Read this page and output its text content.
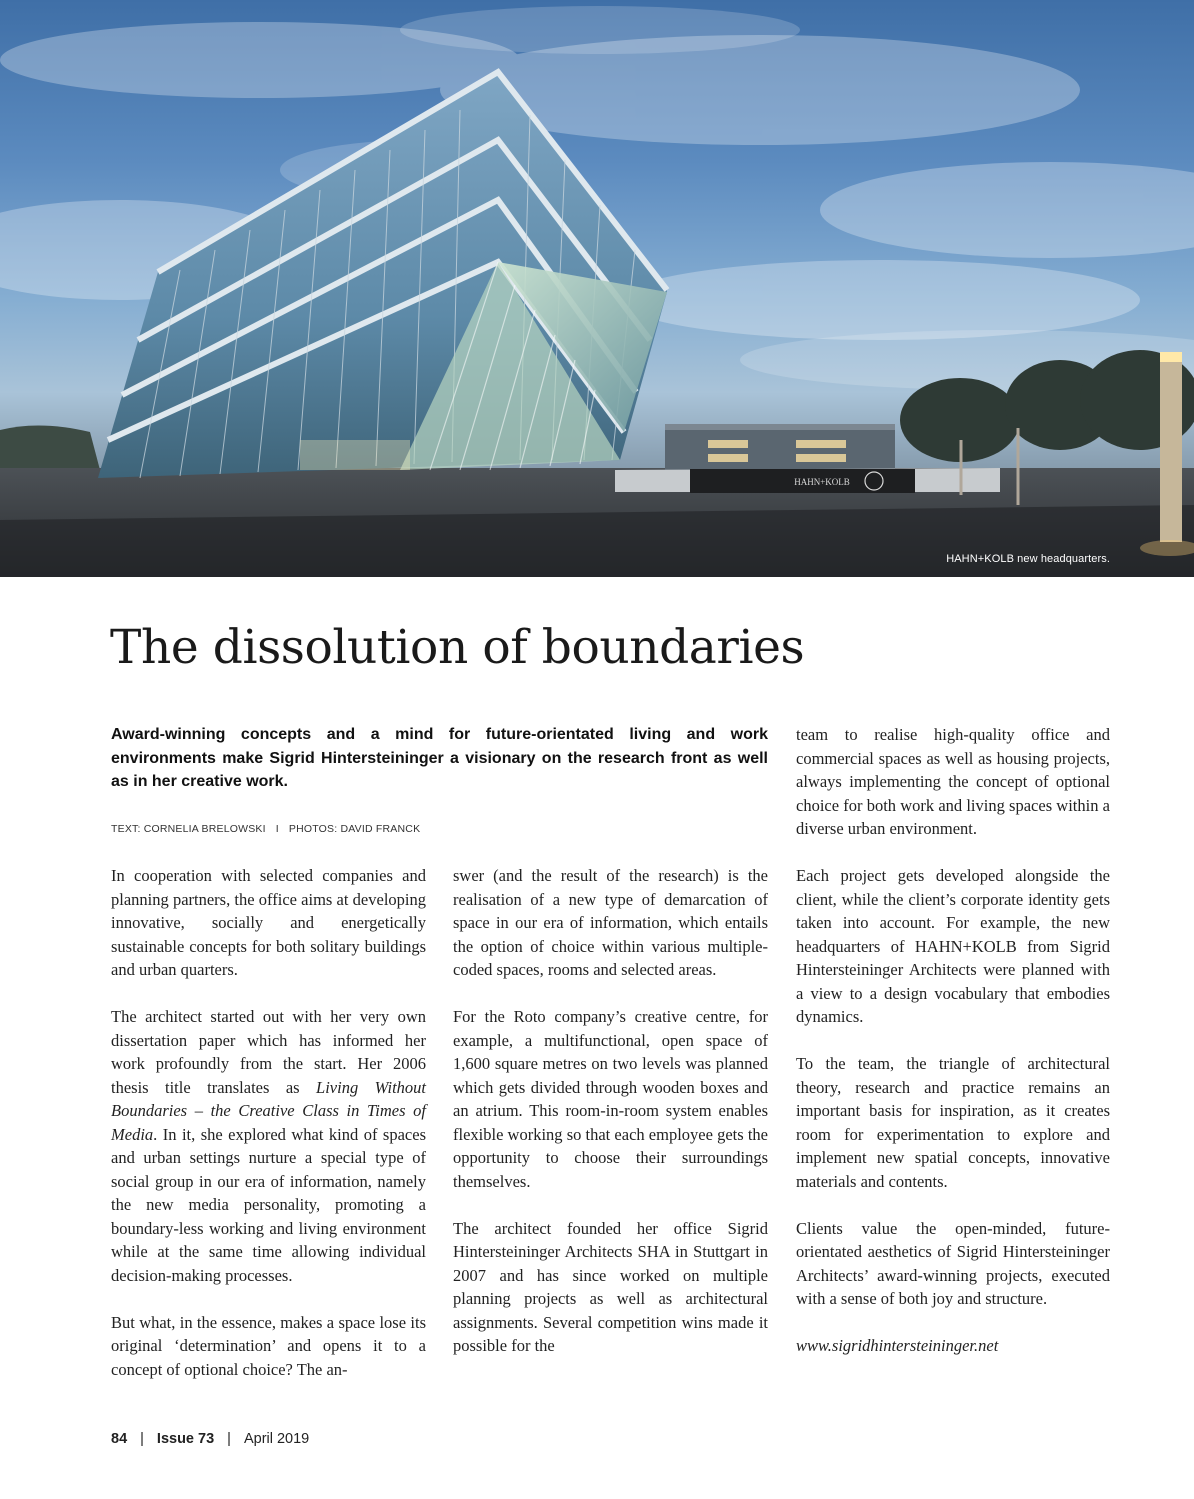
HAHN+KOLB
HAHN+KOLB new headquarters.
The dissolution of boundaries

Award-winning concepts and a mind for future-orientated living and work environments make Sigrid Hintersteininger a visionary on the research front as well as in her creative work.

TEXT: CORNELIA BRELOWSKI I PHOTOS: DAVID FRANCK

In cooperation with selected companies and planning partners, the office aims at developing innovative, socially and energetically sustainable concepts for both solitary buildings and urban quarters.

The architect started out with her very own dissertation paper which has informed her work profoundly from the start. Her 2006 thesis title translates as Living Without Boundaries – the Creative Class in Times of Media. In it, she explored what kind of spaces and urban settings nurture a special type of social group in our era of information, namely the new media personality, promoting a boundary-less working and living environment while at the same time allowing individual decision-making processes.

But what, in the essence, makes a space lose its original ‘determination’ and opens it to a concept of optional choice? The an-

swer (and the result of the research) is the realisation of a new type of demarcation of space in our era of information, which entails the option of choice within various multiple-coded spaces, rooms and selected areas.

For the Roto company’s creative centre, for example, a multifunctional, open space of 1,600 square metres on two levels was planned which gets divided through wooden boxes and an atrium. This room-in-room system enables flexible working so that each employee gets the opportunity to choose their surroundings themselves.

The architect founded her office Sigrid Hintersteininger Architects SHA in Stuttgart in 2007 and has since worked on multiple planning projects as well as architectural assignments. Several competition wins made it possible for the

team to realise high-quality office and commercial spaces as well as housing projects, always implementing the concept of optional choice for both work and living spaces within a diverse urban environment.

Each project gets developed alongside the client, while the client’s corporate identity gets taken into account. For example, the new headquarters of HAHN+KOLB from Sigrid Hintersteininger Architects were planned with a view to a design vocabulary that embodies dynamics.

To the team, the triangle of architectural theory, research and practice remains an important basis for inspiration, as it creates room for experimentation to explore and implement new spatial concepts, innovative materials and contents.

Clients value the open-minded, future-orientated aesthetics of Sigrid Hintersteininger Architects’ award-winning projects, executed with a sense of both joy and structure.

www.sigridhintersteininger.net

84 | Issue 73 | April 2019
